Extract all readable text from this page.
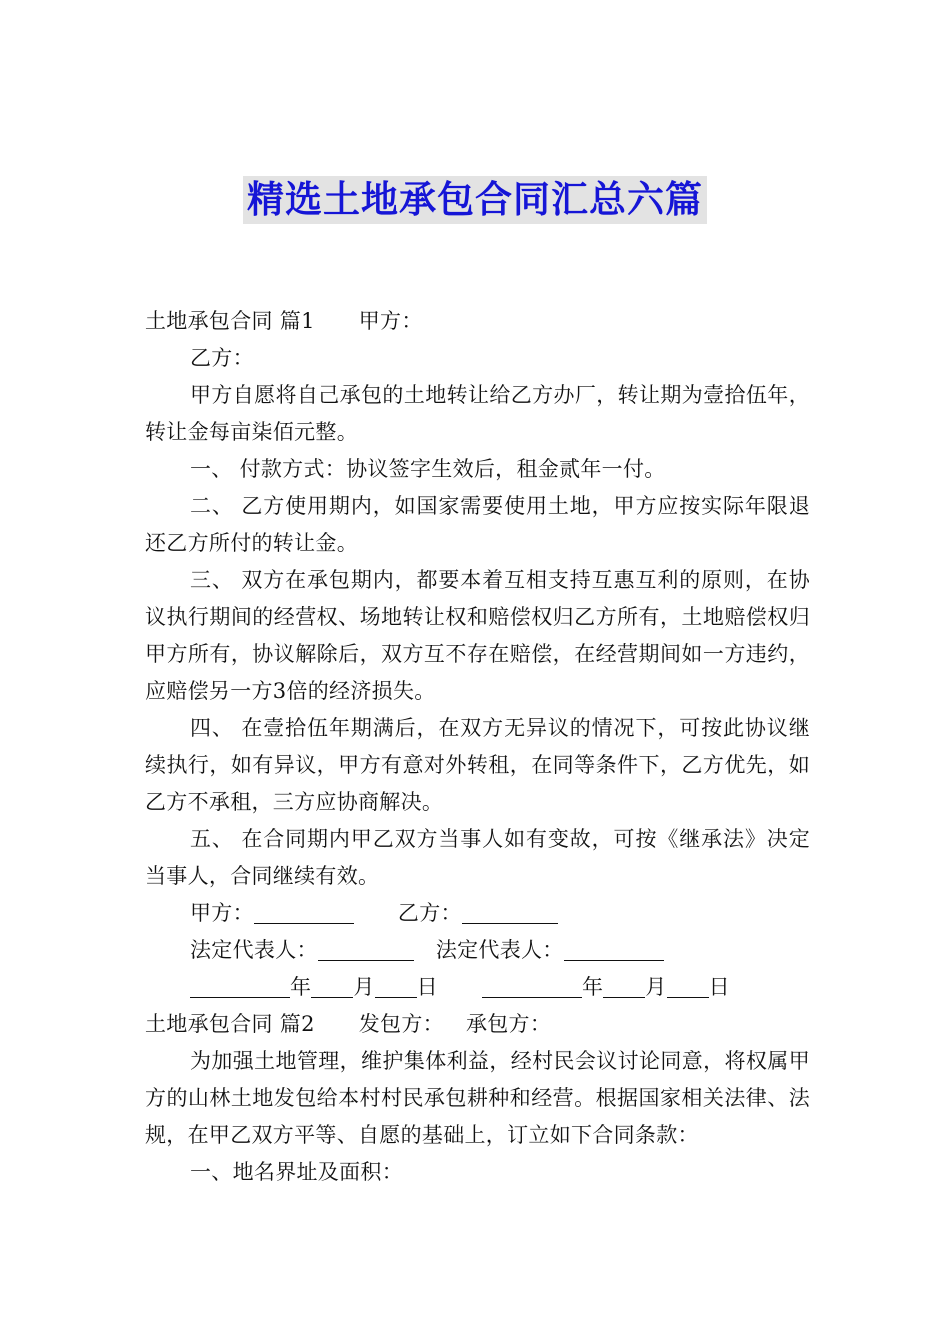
精选土地承包合同汇总六篇

土地承包合同 篇1 甲方：

乙方：

甲方自愿将自己承包的土地转让给乙方办厂，转让期为壹拾伍年，转让金每亩柒佰元整。

一、 付款方式：协议签字生效后，租金贰年一付。

二、 乙方使用期内，如国家需要使用土地，甲方应按实际年限退还乙方所付的转让金。

三、 双方在承包期内，都要本着互相支持互惠互利的原则，在协议执行期间的经营权、场地转让权和赔偿权归乙方所有，土地赔偿权归甲方所有，协议解除后，双方互不存在赔偿，在经营期间如一方违约，应赔偿另一方3倍的经济损失。

四、 在壹拾伍年期满后，在双方无异议的情况下，可按此协议继续执行，如有异议，甲方有意对外转租，在同等条件下，乙方优先，如乙方不承租，三方应协商解决。

五、 在合同期内甲乙双方当事人如有变故，可按《继承法》决定当事人，合同继续有效。

甲方：	乙方：

法定代表人：	法定代表人：

年 月 日	年 月 日

土地承包合同 篇2 发包方： 承包方：

为加强土地管理，维护集体利益，经村民会议讨论同意，将权属甲方的山林土地发包给本村村民承包耕种和经营。根据国家相关法律、法规，在甲乙双方平等、自愿的基础上，订立如下合同条款：

一、地名界址及面积：
